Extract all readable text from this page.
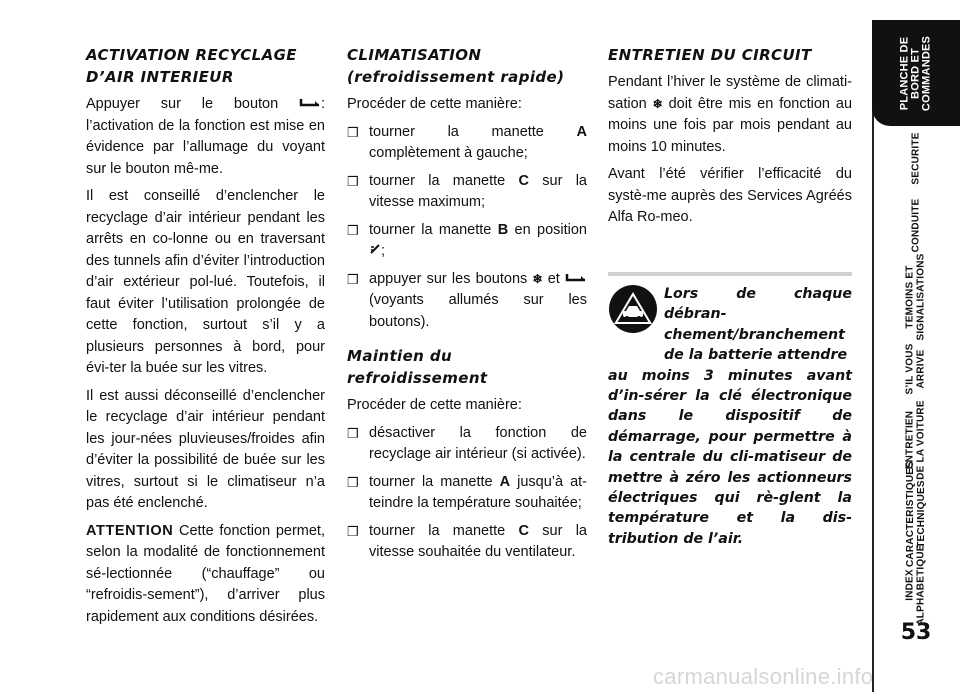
ACTIVATION RECYCLAGE
D’AIR INTERIEUR

Appuyer sur le bouton	: l’activation de la fonction est mise en évidence par l’allumage du voyant sur le bouton mê-me.

Il est conseillé d’enclencher le recyclage d’air intérieur pendant les arrêts en co-lonne ou en traversant des tunnels afin d’éviter l’introduction d’air extérieur pol-lué. Toutefois, il faut éviter l’utilisation prolongée de cette fonction, surtout s’il y a plusieurs personnes à bord, pour évi-ter la buée sur les vitres.

Il est aussi déconseillé d’enclencher le recyclage d’air intérieur pendant les jour-nées pluvieuses/froides afin d’éviter la possibilité de buée sur les vitres, surtout si le climatiseur n’a pas été enclenché.

ATTENTION Cette fonction permet, selon la modalité de fonctionnement sé-lectionnée (“chauffage” ou “refroidis-sement”), d’arriver plus rapidement aux conditions désirées.

CLIMATISATION
(refroidissement rapide)

Procéder de cette manière:

❒ tourner la manette A complètement à gauche;
❒ tourner la manette C sur la vitesse maximum;
❒ tourner la manette B en position ;
❒ appuyer sur les boutons ❄ et  (voyants allumés sur les boutons).
Maintien du refroidissement

Procéder de cette manière:

❒ désactiver la fonction de recyclage air intérieur (si activée).
❒ tourner la manette A jusqu’à at-teindre la température souhaitée;
❒ tourner la manette C sur la vitesse souhaitée du ventilateur.
ENTRETIEN DU CIRCUIT

Pendant l’hiver le système de climati-sation ❄ doit être mis en fonction au moins une fois par mois pendant au moins 10 minutes.

Avant l’été vérifier l’efficacité du systè-me auprès des Services Agréés Alfa Ro-meo.

Lors de chaque débran-
chement/branchement
de la batterie attendre
au moins 3 minutes avant d’in-sérer la clé électronique dans le dispositif de démarrage, pour permettre à la centrale du cli-matiseur de mettre à zéro les actionneurs électriques qui rè-glent la température et la dis-tribution de l’air.

PLANCHE DE BORD ET COMMANDES
SECURITE
CONDUITE
TEMOINS ET
SIGNALISATIONS
S’IL VOUS
ARRIVE
ENTRETIEN
DE LA VOITURE
CARACTERISTIQUES
TECHNIQUES
INDEX
ALPHABETIQUE
53
carmanualsonline.info
